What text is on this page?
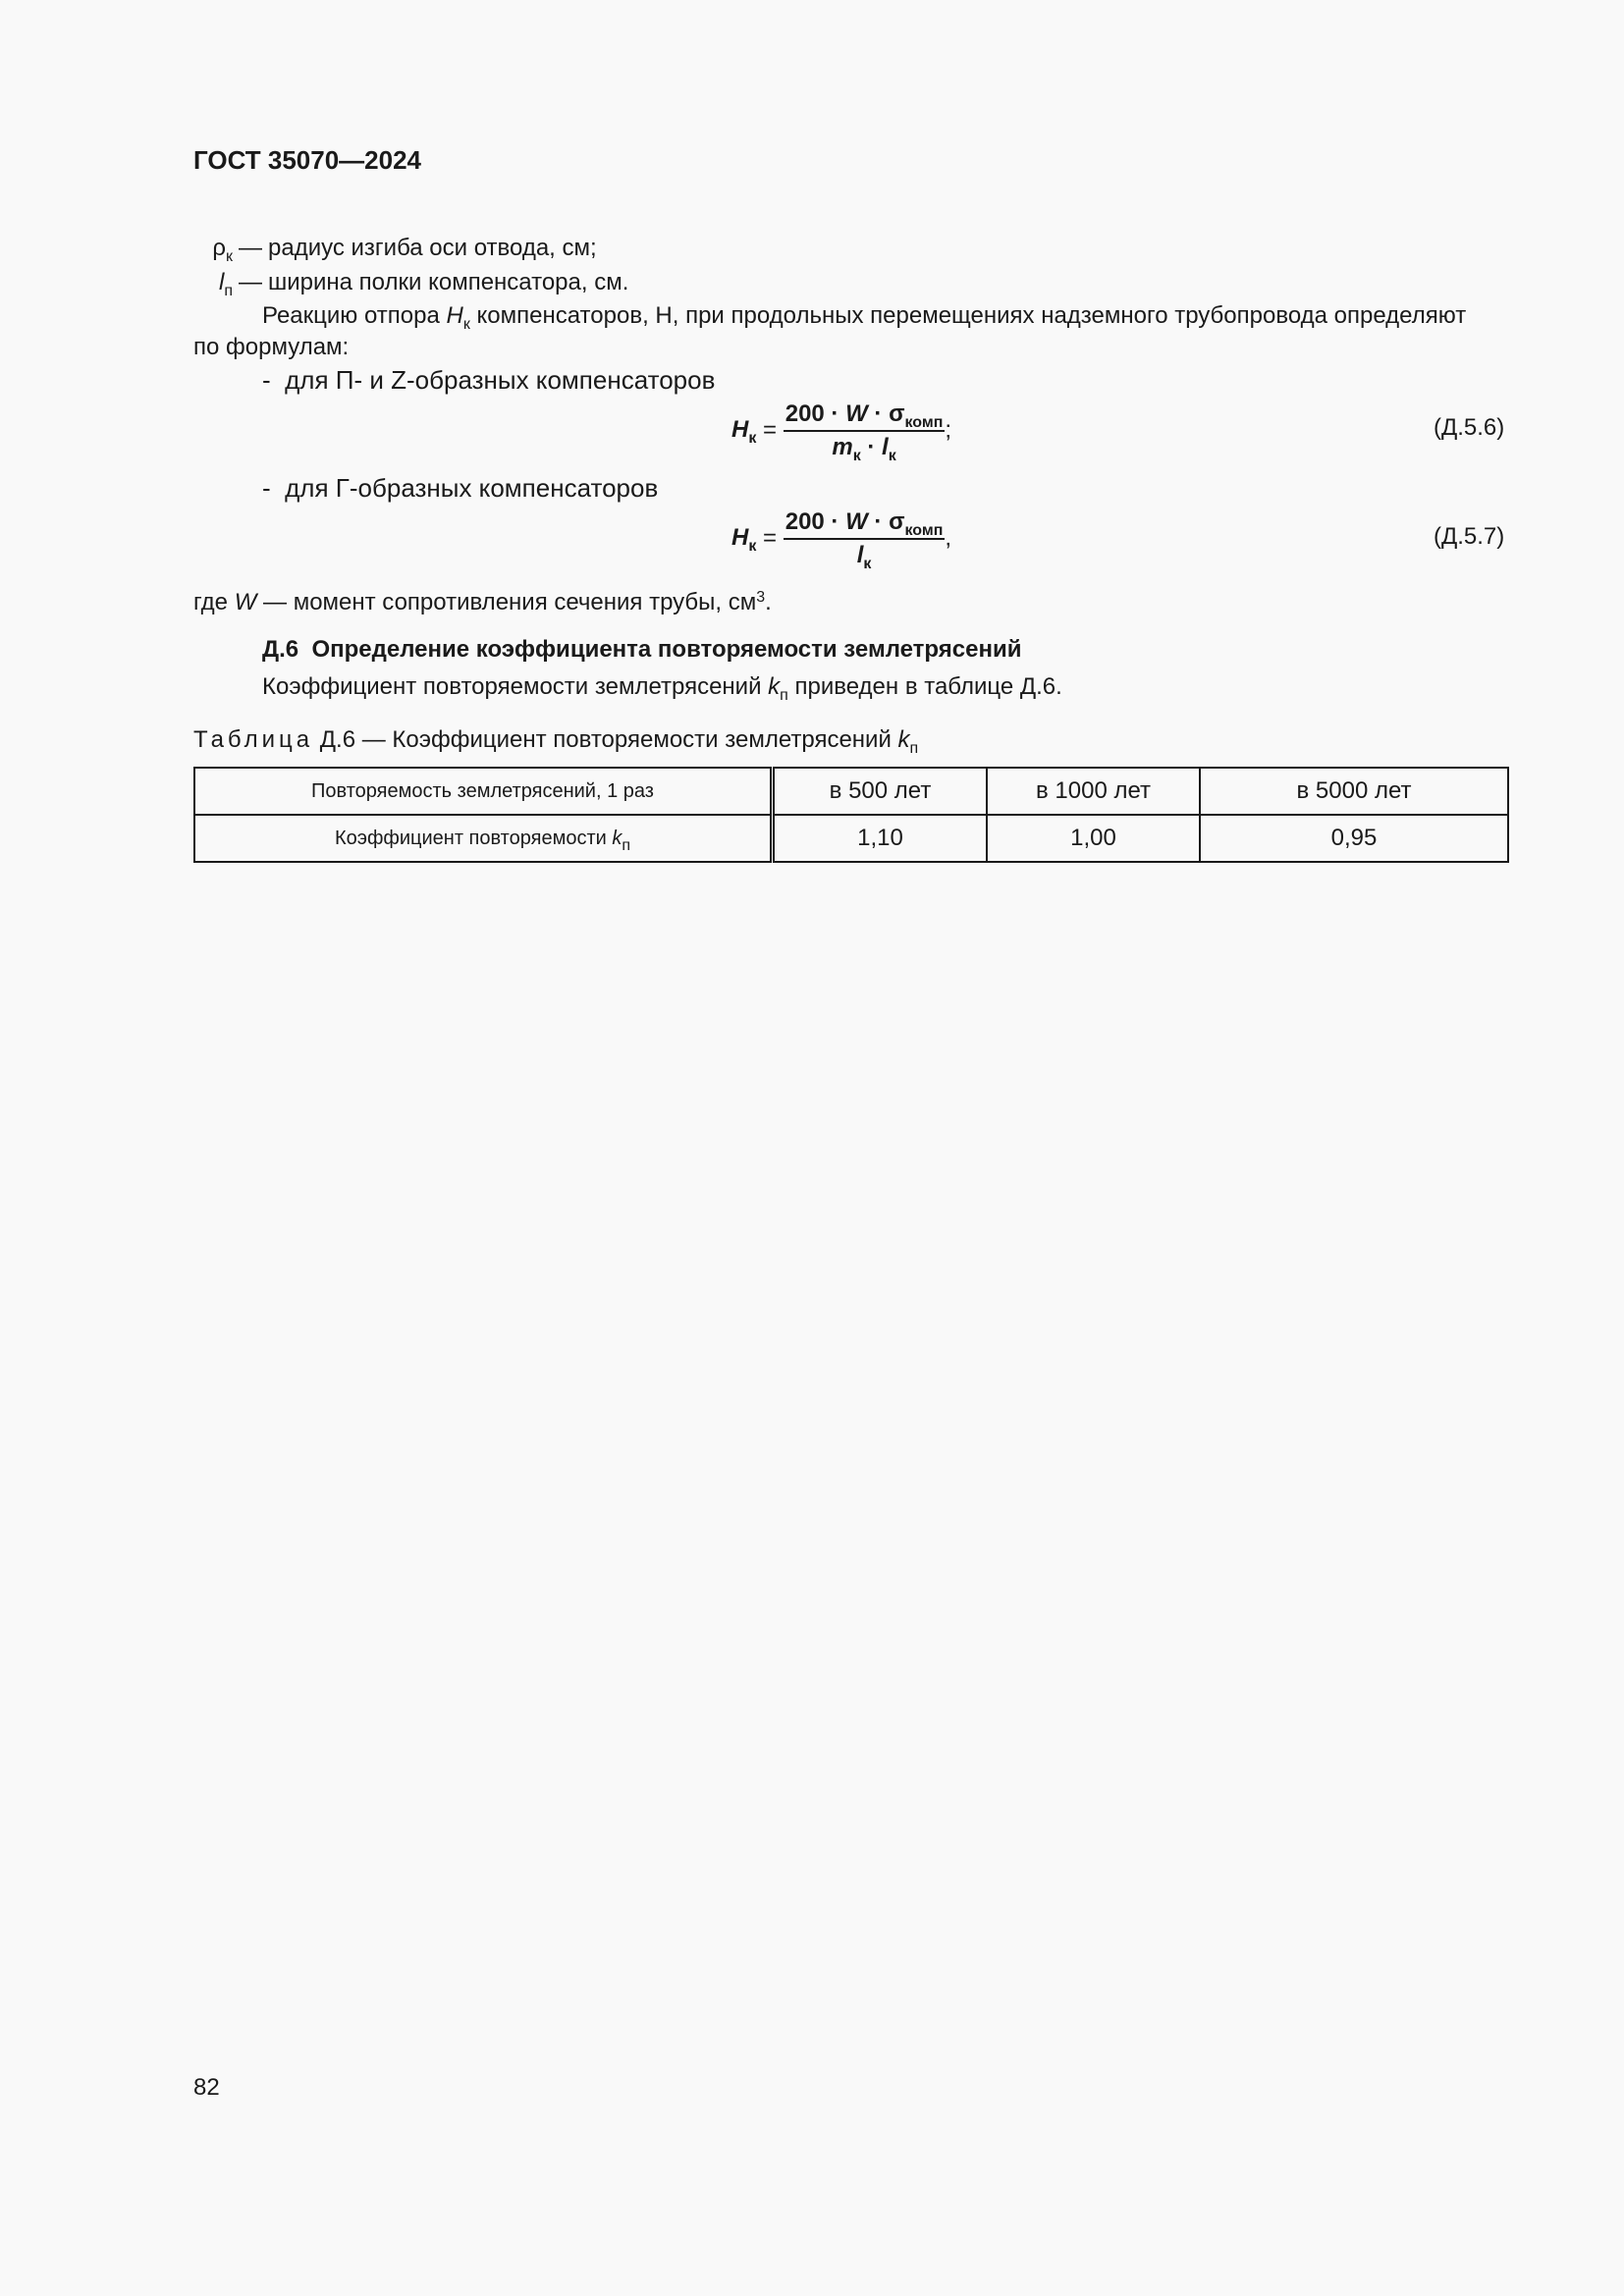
ГОСТ 35070—2024
$\rho_к$ — радиус изгиба оси отвода, см;
$l_п$ — ширина полки компенсатора, см.
Реакцию отпора $H_к$ компенсаторов, Н, при продольных перемещениях надземного трубопровода определяют
по формулам:
- для П- и Z-образных компенсаторов
$H_к = \frac{200 \cdot W \cdot \sigma_{комп}}{m_к \cdot l_к}$ ;	(Д.5.6)
- для Г-образных компенсаторов
$H_к = \frac{200 \cdot W \cdot \sigma_{комп}}{l_к}$ ,	(Д.5.7)
где W — момент сопротивления сечения трубы, $см^3$.
Д.6 Определение коэффициента повторяемости землетрясений
Коэффициент повторяемости землетрясений $k_п$ приведен в таблице Д.6.
Таблица Д.6 — Коэффициент повторяемости землетрясений $k_п$
Повторяемость землетрясений, 1 раз	в 500 лет	в 1000 лет	в 5000 лет
Коэффициент повторяемости $k_п$	1,10	1,00	0,95
82
